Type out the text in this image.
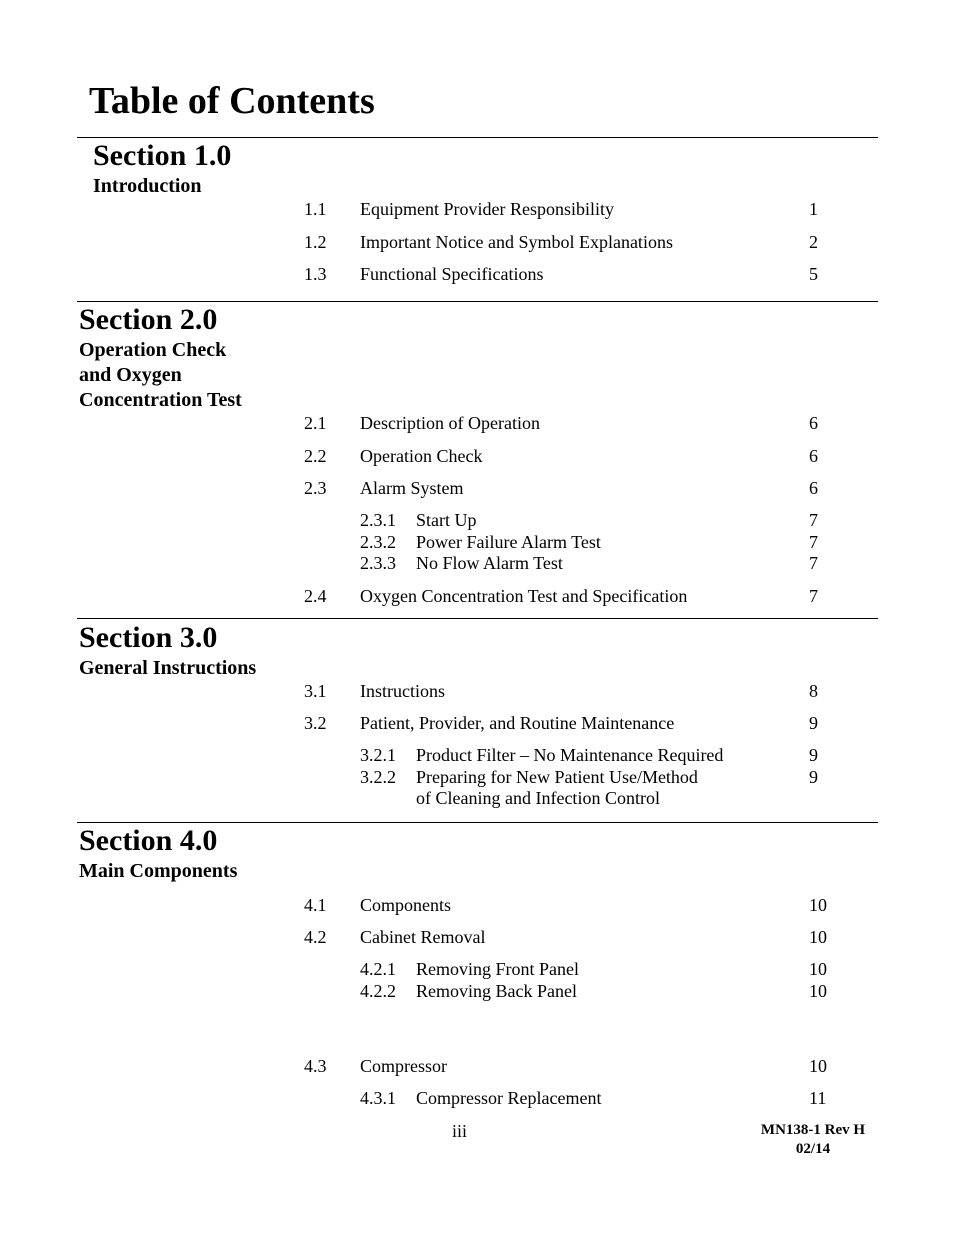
Table of Contents
Section 1.0
Introduction
1.1 Equipment Provider Responsibility	1
1.2 Important Notice and Symbol Explanations	2
1.3 Functional Specifications	5
Section 2.0
Operation Check
and Oxygen
Concentration Test
2.1 Description of Operation	6
2.2 Operation Check	6
2.3 Alarm System	6
2.3.1 Start Up	7
2.3.2 Power Failure Alarm Test	7
2.3.3 No Flow Alarm Test	7
2.4 Oxygen Concentration Test and Specification	7
Section 3.0
General Instructions
3.1 Instructions	8
3.2 Patient, Provider, and Routine Maintenance	9
3.2.1 Product Filter – No Maintenance Required	9
3.2.2 Preparing for New Patient Use/Method	9
of Cleaning and Infection Control
Section 4.0
Main Components
4.1 Components	10
4.2 Cabinet Removal	10
4.2.1 Removing Front Panel	10
4.2.2 Removing Back Panel	10
4.3 Compressor	10
4.3.1 Compressor Replacement	11
iii	MN138-1 Rev H
02/14
